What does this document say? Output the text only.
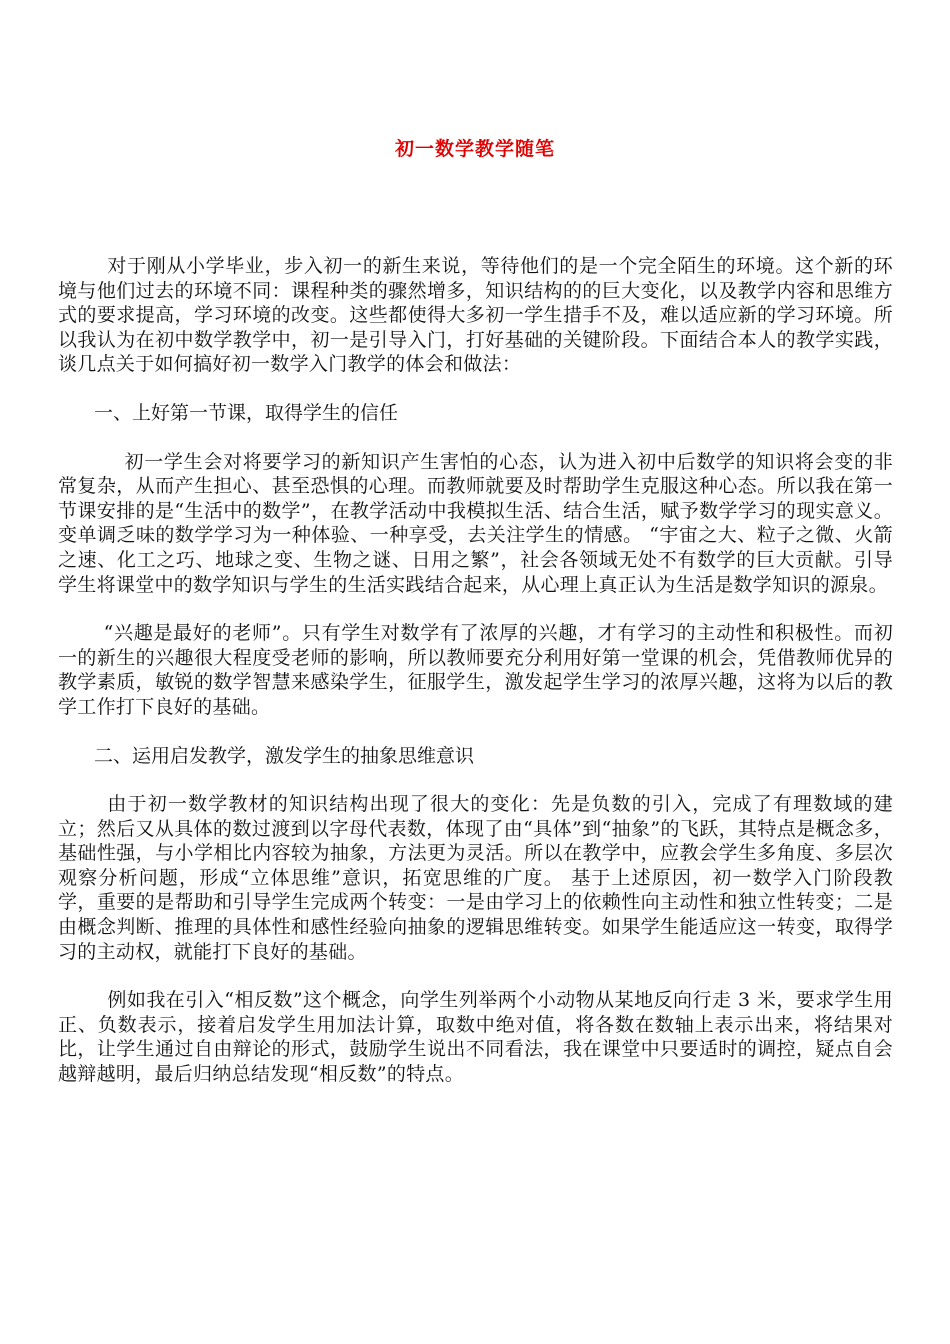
初一数学教学随笔

对于刚从小学毕业，步入初一的新生来说，等待他们的是一个完全陌生的环境。这个新的环境与他们过去的环境不同：课程种类的骤然增多，知识结构的的巨大变化，以及教学内容和思维方式的要求提高，学习环境的改变。这些都使得大多初一学生措手不及，难以适应新的学习环境。所以我认为在初中数学教学中，初一是引导入门，打好基础的关键阶段。下面结合本人的教学实践，谈几点关于如何搞好初一数学入门教学的体会和做法：

一、上好第一节课，取得学生的信任

初一学生会对将要学习的新知识产生害怕的心态，认为进入初中后数学的知识将会变的非常复杂，从而产生担心、甚至恐惧的心理。而教师就要及时帮助学生克服这种心态。所以我在第一节课安排的是“生活中的数学”，在教学活动中我模拟生活、结合生活，赋予数学学习的现实意义。变单调乏味的数学学习为一种体验、一种享受，去关注学生的情感。 “宇宙之大、粒子之微、火箭之速、化工之巧、地球之变、生物之谜、日用之繁”，社会各领域无处不有数学的巨大贡献。引导学生将课堂中的数学知识与学生的生活实践结合起来，从心理上真正认为生活是数学知识的源泉。

“兴趣是最好的老师”。只有学生对数学有了浓厚的兴趣，才有学习的主动性和积极性。而初一的新生的兴趣很大程度受老师的影响，所以教师要充分利用好第一堂课的机会，凭借教师优异的教学素质，敏锐的数学智慧来感染学生，征服学生，激发起学生学习的浓厚兴趣，这将为以后的教学工作打下良好的基础。

二、运用启发教学，激发学生的抽象思维意识

由于初一数学教材的知识结构出现了很大的变化：先是负数的引入，完成了有理数域的建立；然后又从具体的数过渡到以字母代表数，体现了由“具体”到“抽象”的飞跃，其特点是概念多，基础性强，与小学相比内容较为抽象，方法更为灵活。所以在教学中，应教会学生多角度、多层次观察分析问题，形成“立体思维”意识，拓宽思维的广度。 基于上述原因，初一数学入门阶段教学，重要的是帮助和引导学生完成两个转变：一是由学习上的依赖性向主动性和独立性转变；二是由概念判断、推理的具体性和感性经验向抽象的逻辑思维转变。如果学生能适应这一转变，取得学习的主动权，就能打下良好的基础。

例如我在引入“相反数”这个概念，向学生列举两个小动物从某地反向行走 3 米，要求学生用正、负数表示，接着启发学生用加法计算，取数中绝对值，将各数在数轴上表示出来，将结果对比，让学生通过自由辩论的形式，鼓励学生说出不同看法，我在课堂中只要适时的调控，疑点自会越辩越明，最后归纳总结发现“相反数”的特点。
